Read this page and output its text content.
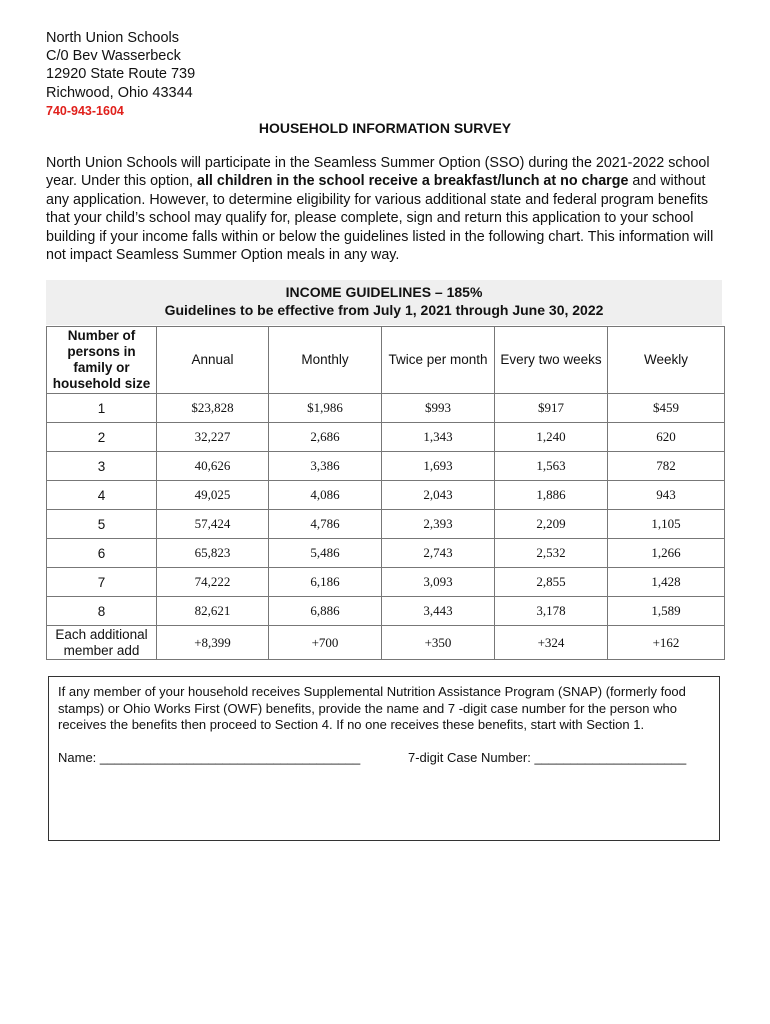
North Union Schools
C/0 Bev Wasserbeck
12920 State Route 739
Richwood, Ohio 43344
740-943-1604
HOUSEHOLD INFORMATION SURVEY
North Union Schools will participate in the Seamless Summer Option (SSO) during the 2021-2022 school year. Under this option, all children in the school receive a breakfast/lunch at no charge and without any application. However, to determine eligibility for various additional state and federal program benefits that your child’s school may qualify for, please complete, sign and return this application to your school building if your income falls within or below the guidelines listed in the following chart. This information will not impact Seamless Summer Option meals in any way.
INCOME GUIDELINES – 185%
Guidelines to be effective from July 1, 2021 through June 30, 2022
Number of persons in family or household size	Annual	Monthly	Twice per month	Every two weeks	Weekly
1	$23,828	$1,986	$993	$917	$459
2	32,227	2,686	1,343	1,240	620
3	40,626	3,386	1,693	1,563	782
4	49,025	4,086	2,043	1,886	943
5	57,424	4,786	2,393	2,209	1,105
6	65,823	5,486	2,743	2,532	1,266
7	74,222	6,186	3,093	2,855	1,428
8	82,621	6,886	3,443	3,178	1,589
Each additional member add	+8,399	+700	+350	+324	+162
If any member of your household receives Supplemental Nutrition Assistance Program (SNAP) (formerly food stamps) or Ohio Works First (OWF) benefits, provide the name and 7 -digit case number for the person who receives the benefits then proceed to Section 4. If no one receives these benefits, start with Section 1.
Name: ____________________________________	7-digit Case Number: _____________________
